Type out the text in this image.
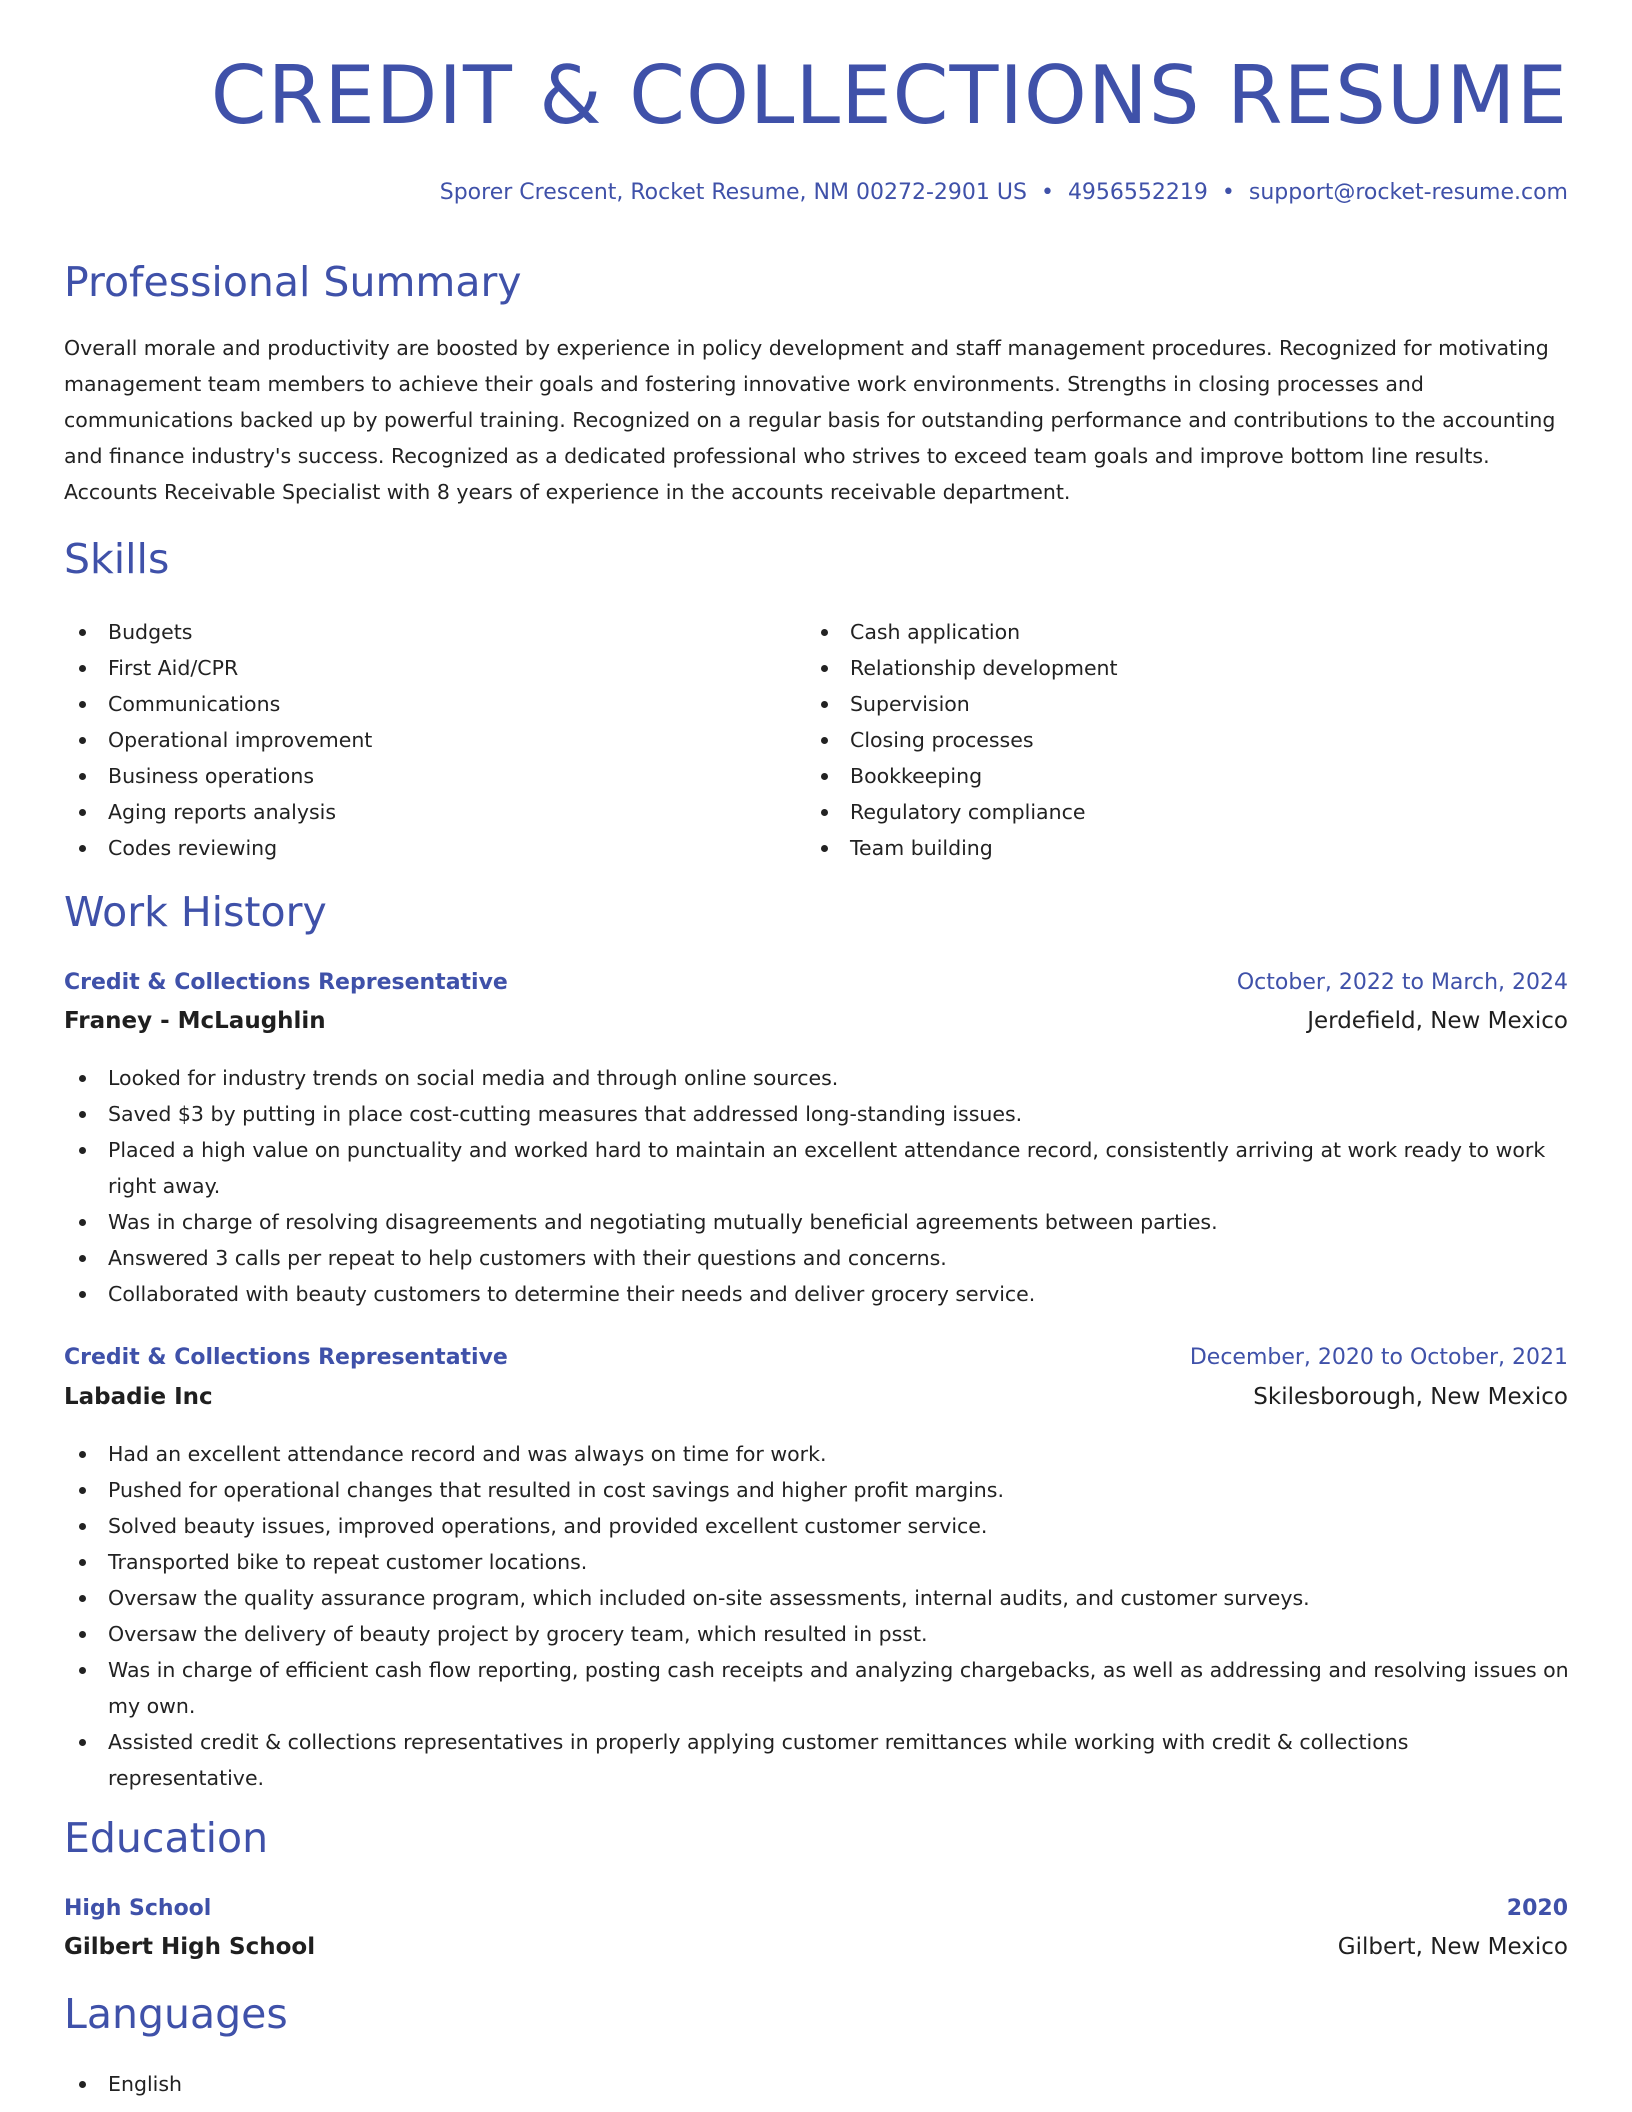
CREDIT & COLLECTIONS RESUME
Sporer Crescent, Rocket Resume, NM 00272-2901 US • 4956552219 • support@rocket-resume.com
Professional Summary

Overall morale and productivity are boosted by experience in policy development and staff management procedures. Recognized for motivating management team members to achieve their goals and fostering innovative work environments. Strengths in closing processes and communications backed up by powerful training. Recognized on a regular basis for outstanding performance and contributions to the accounting and finance industry's success. Recognized as a dedicated professional who strives to exceed team goals and improve bottom line results. Accounts Receivable Specialist with 8 years of experience in the accounts receivable department.

Skills
Budgets
First Aid/CPR
Communications
Operational improvement
Business operations
Aging reports analysis
Codes reviewing
Cash application
Relationship development
Supervision
Closing processes
Bookkeeping
Regulatory compliance
Team building
Work History
Credit & Collections Representative	October, 2022 to March, 2024
Franey - McLaughlin	Jerdefield, New Mexico
Looked for industry trends on social media and through online sources.
Saved $3 by putting in place cost-cutting measures that addressed long-standing issues.
Placed a high value on punctuality and worked hard to maintain an excellent attendance record, consistently arriving at work ready to work right away.
Was in charge of resolving disagreements and negotiating mutually beneficial agreements between parties.
Answered 3 calls per repeat to help customers with their questions and concerns.
Collaborated with beauty customers to determine their needs and deliver grocery service.
Credit & Collections Representative	December, 2020 to October, 2021
Labadie Inc	Skilesborough, New Mexico
Had an excellent attendance record and was always on time for work.
Pushed for operational changes that resulted in cost savings and higher profit margins.
Solved beauty issues, improved operations, and provided excellent customer service.
Transported bike to repeat customer locations.
Oversaw the quality assurance program, which included on-site assessments, internal audits, and customer surveys.
Oversaw the delivery of beauty project by grocery team, which resulted in psst.
Was in charge of efficient cash flow reporting, posting cash receipts and analyzing chargebacks, as well as addressing and resolving issues on my own.
Assisted credit & collections representatives in properly applying customer remittances while working with credit & collections representative.
Education
High School	2020
Gilbert High School	Gilbert, New Mexico
Languages
English
